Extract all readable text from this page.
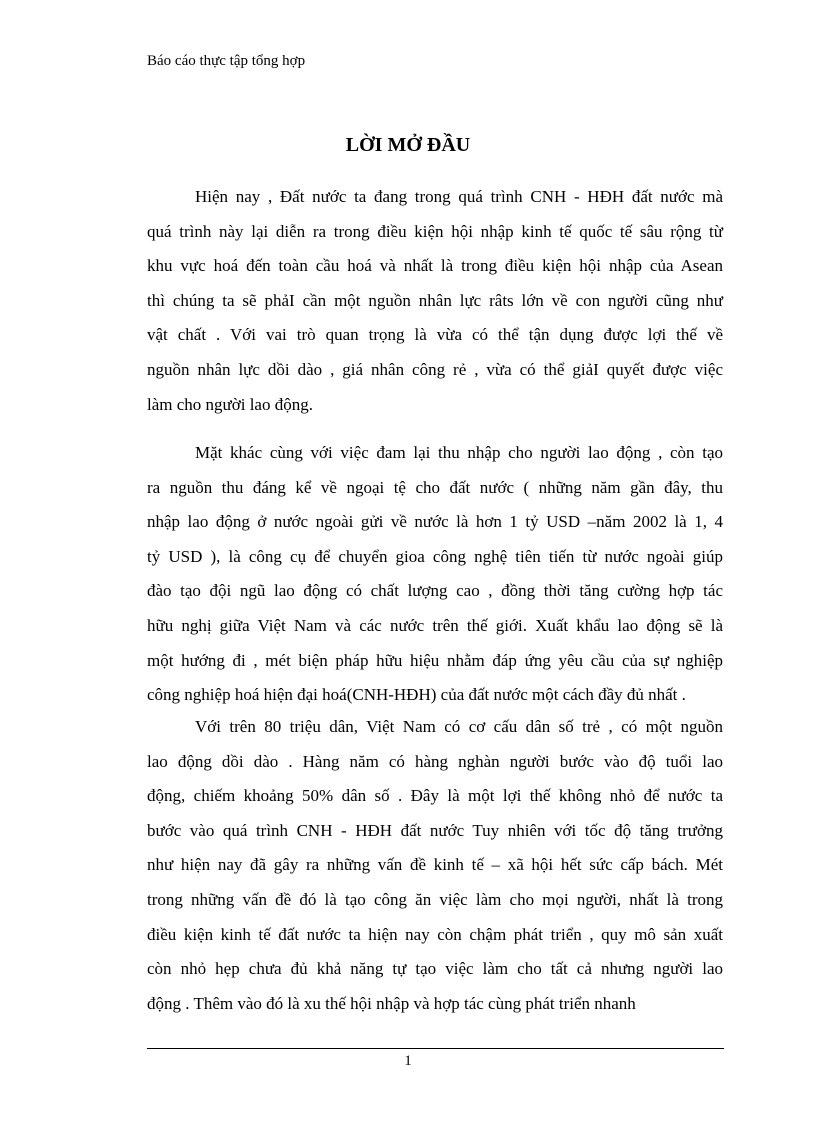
Báo cáo thực tập tổng hợp
LỜI MỞ ĐẦU

Hiện nay , Đất nước ta đang trong quá trình CNH - HĐH đất nước mà
quá trình này lại diễn ra trong điều kiện hội nhập kinh tế quốc tế sâu rộng từ
khu vực hoá đến toàn cầu hoá và nhất là trong điều kiện hội nhập của Asean
thì chúng ta sẽ phảI cần một nguồn nhân lực râts lớn về con người cũng như
vật chất . Với vai trò quan trọng là vừa có thể tận dụng được lợi thế về
nguồn nhân lực dồi dào , giá nhân công rẻ , vừa có thể giảI quyết được việc
làm cho người lao động.

Mặt khác cùng với việc đam lại thu nhập cho người lao động , còn tạo
ra nguồn thu đáng kể về ngoại tệ cho đất nước ( những năm gần đây, thu
nhập lao động ở nước ngoài gửi về nước là hơn 1 tỷ USD –năm 2002 là 1, 4
tỷ USD ), là công cụ để chuyển gioa công nghệ tiên tiến từ nước ngoài giúp
đào tạo đội ngũ lao động có chất lượng cao , đồng thời tăng cường hợp tác
hữu nghị giữa Việt Nam và các nước trên thế giới. Xuất khẩu lao động sẽ là
một hướng đi , mét biện pháp hữu hiệu nhằm đáp ứng yêu cầu của sự nghiệp
công nghiệp hoá hiện đại hoá(CNH-HĐH) của đất nước một cách đầy đủ nhất .

Với trên 80 triệu dân, Việt Nam có cơ cấu dân số trẻ , có một nguồn
lao động dồi dào . Hàng năm có hàng nghàn người bước vào độ tuổi lao
động, chiếm khoảng 50% dân số . Đây là một lợi thế không nhỏ để nước ta
bước vào quá trình CNH - HĐH đất nước Tuy nhiên với tốc độ tăng trưởng
như hiện nay đã gây ra những vấn đề kinh tế – xã hội hết sức cấp bách. Mét
trong những vấn đề đó là tạo công ăn việc làm cho mọi người, nhất là trong
điều kiện kinh tế đất nước ta hiện nay còn chậm phát triển , quy mô sản xuất
còn nhỏ hẹp chưa đủ khả năng tự tạo việc làm cho tất cả nhưng người lao
động . Thêm vào đó là xu thế hội nhập và hợp tác cùng phát triển nhanh

1
